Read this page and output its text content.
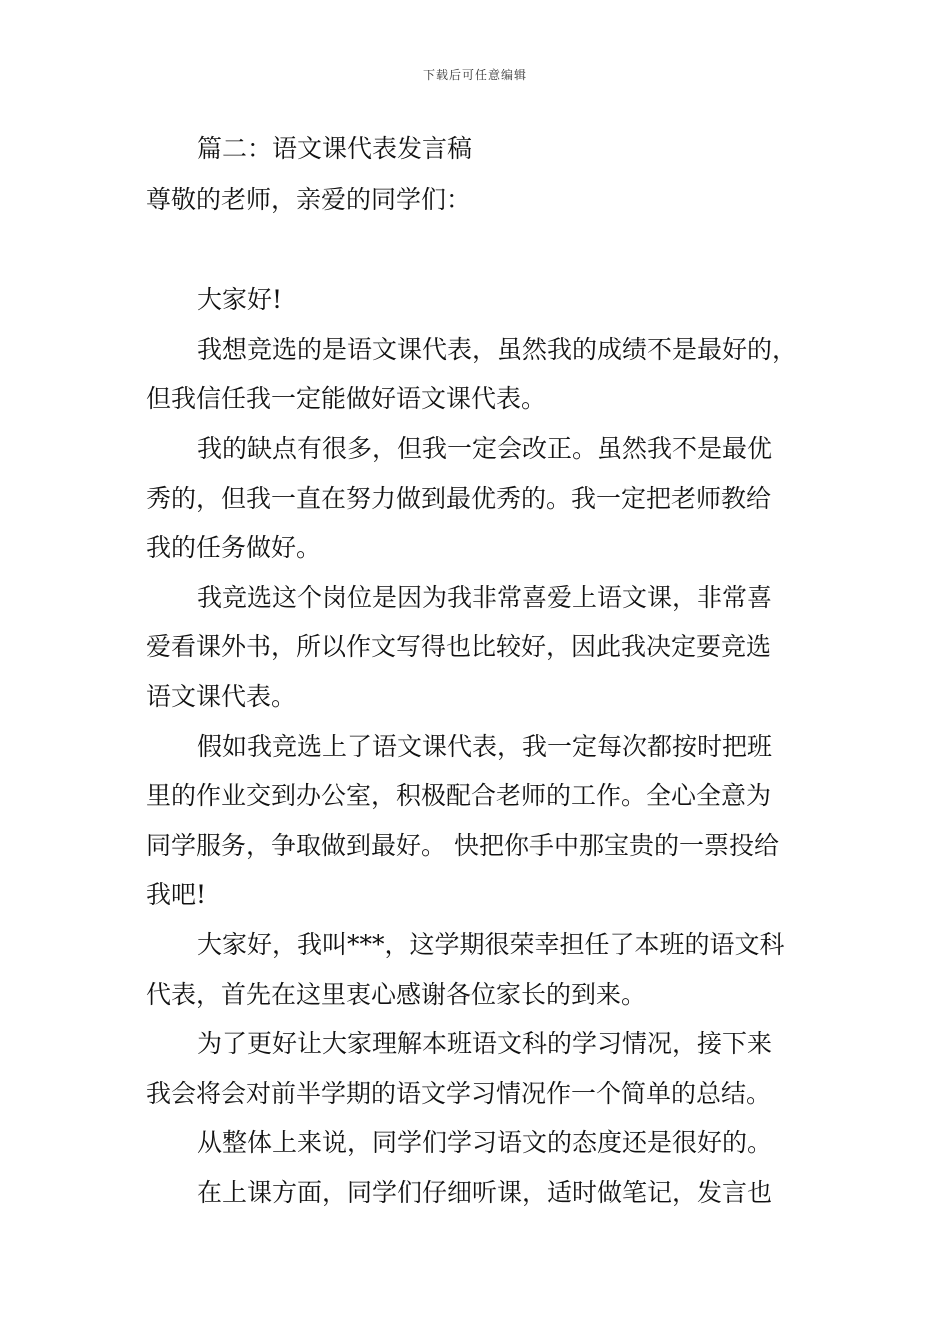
下载后可任意编辑
篇二：语文课代表发言稿
尊敬的老师，亲爱的同学们：
大家好!
我想竞选的是语文课代表，虽然我的成绩不是最好的，
但我信任我一定能做好语文课代表。
我的缺点有很多，但我一定会改正。虽然我不是最优
秀的，但我一直在努力做到最优秀的。我一定把老师教给
我的任务做好。
我竞选这个岗位是因为我非常喜爱上语文课，非常喜
爱看课外书，所以作文写得也比较好，因此我决定要竞选
语文课代表。
假如我竞选上了语文课代表，我一定每次都按时把班
里的作业交到办公室，积极配合老师的工作。全心全意为
同学服务，争取做到最好。 快把你手中那宝贵的一票投给
我吧!
大家好，我叫***，这学期很荣幸担任了本班的语文科
代表，首先在这里衷心感谢各位家长的到来。
为了更好让大家理解本班语文科的学习情况，接下来
我会将会对前半学期的语文学习情况作一个简单的总结。
从整体上来说，同学们学习语文的态度还是很好的。
在上课方面，同学们仔细听课，适时做笔记，发言也
